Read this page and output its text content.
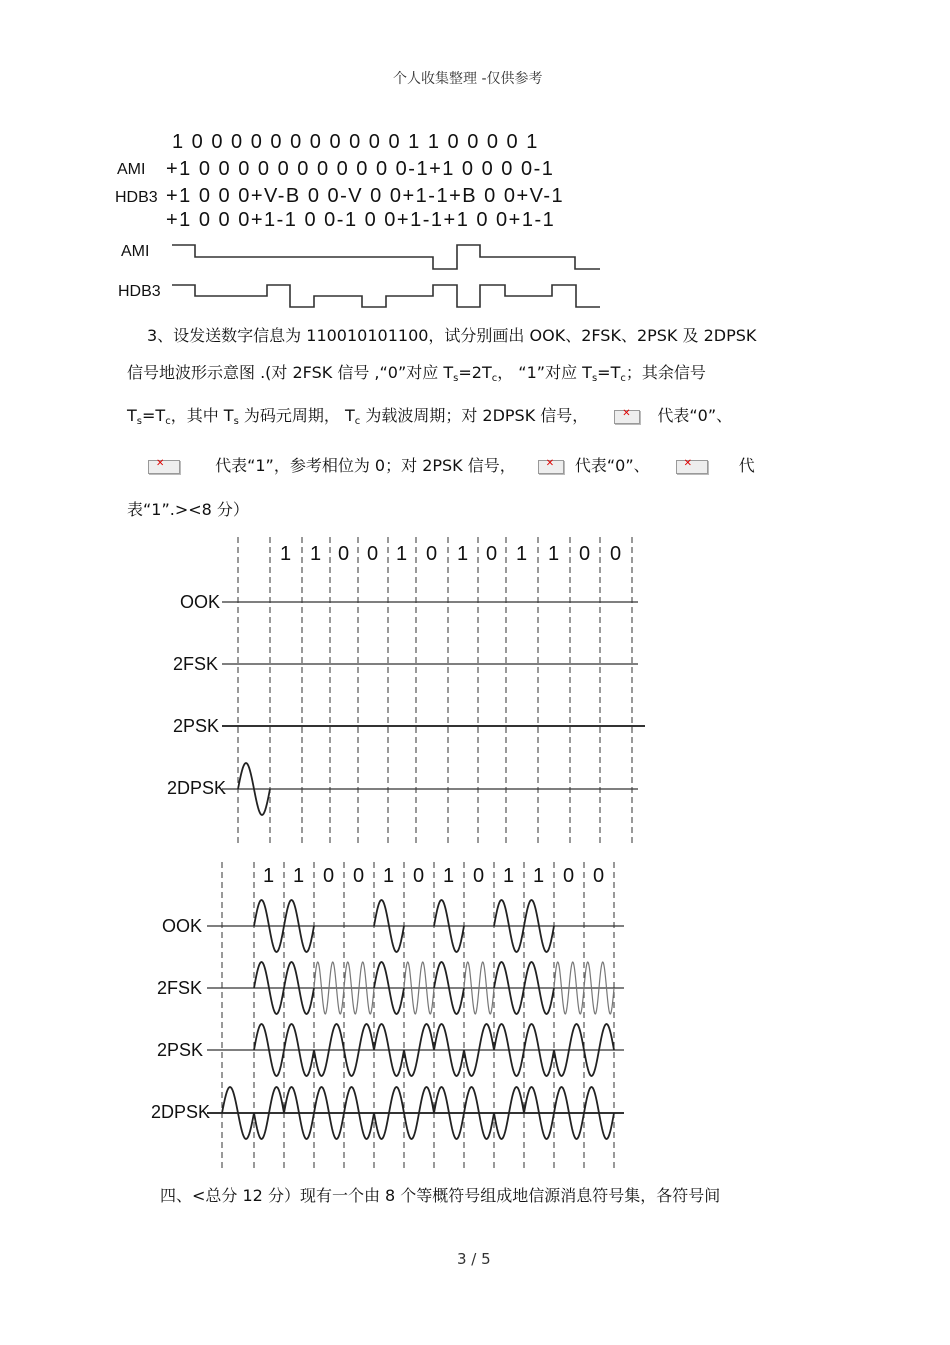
个人收集整理 -仅供参考
1 0 0 0 0 0 0 0 0 0 0 0 1 1 0 0 0 0 1
AMI +1 0 0 0 0 0 0 0 0 0 0 0-1+1 0 0 0 0-1
HDB3 +1 0 0 0+V-B 0 0-V 0 0+1-1+B 0 0+V-1
+1 0 0 0+1-1 0 0-1 0 0+1-1+1 0 0+1-1
AMI
HDB3
3、设发送数字信息为 110010101100，试分别画出 OOK、2FSK、2PSK 及 2DPSK
信号地波形示意图 .(对 2FSK 信号 ,“0”对应 $T_s=2T_c$， “1”对应 $T_s=T_c$；其余信号
$T_s=T_c$，其中 $T_s$ 为码元周期， $T_c$ 为载波周期；对 2DPSK 信号， ✕	代表“0”、
✕ 代表“1”，参考相位为 0；对 2PSK 信号， ✕	代表“0”、 ✕	代
表“1”.><8 分）
1 1 0 0 1 0 1 0 1 1 0 0
OOK
2FSK
2PSK
2DPSK
1 1 0 0 1 0 1 0 1 1 0 0
OOK
2FSK
2PSK
2DPSK
四、<总分 12 分）现有一个由 8 个等概符号组成地信源消息符号集，各符号间
3 / 5
